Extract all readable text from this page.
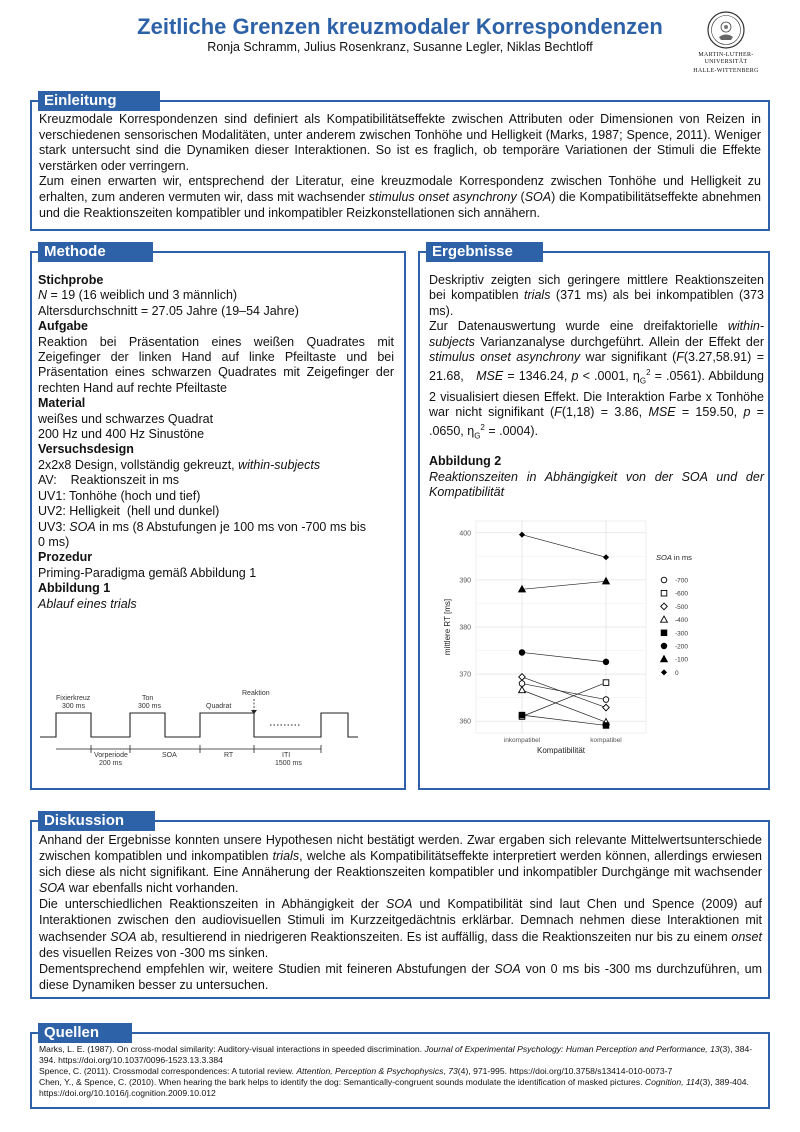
Zeitliche Grenzen kreuzmodaler Korrespondenzen
Ronja Schramm, Julius Rosenkranz, Susanne Legler, Niklas Bechtloff
MARTIN-LUTHER-UNIVERSITÄT
HALLE-WITTENBERG
Einleitung

Kreuzmodale Korrespondenzen sind definiert als Kompatibilitätseffekte zwischen Attributen oder Dimensionen von Reizen in verschiedenen sensorischen Modalitäten, unter anderem zwischen Tonhöhe und Helligkeit (Marks, 1987; Spence, 2011). Weniger stark untersucht sind die Dynamiken dieser Interaktionen. So ist es fraglich, ob temporäre Variationen der Stimuli die Effekte verstärken oder verringern.

Zum einen erwarten wir, entsprechend der Literatur, eine kreuzmodale Korrespondenz zwischen Tonhöhe und Helligkeit zu erhalten, zum anderen vermuten wir, dass mit wachsender stimulus onset asynchrony (SOA) die Kompatibilitätseffekte abnehmen und die Reaktionszeiten kompatibler und inkompatibler Reizkonstellationen sich annähern.

Methode

Stichprobe

N = 19 (16 weiblich und 3 männlich)

Altersdurchschnitt = 27.05 Jahre (19–54 Jahre)

Aufgabe

Reaktion bei Präsentation eines weißen Quadrates mit Zeigefinger der linken Hand auf linke Pfeiltaste und bei Präsentation eines schwarzen Quadrates mit Zeigefinger der rechten Hand auf rechte Pfeiltaste

Material

weißes und schwarzes Quadrat

200 Hz und 400 Hz Sinustöne

Versuchsdesign

2x2x8 Design, vollständig gekreuzt, within-subjects

AV:    Reaktionszeit in ms

UV1: Tonhöhe (hoch und tief)

UV2: Helligkeit  (hell und dunkel)

UV3: SOA in ms (8 Abstufungen je 100 ms von -700 ms bis 0 ms)

Prozedur

Priming-Paradigma gemäß Abbildung 1

Abbildung 1

Ablauf eines trials

Fixierkreuz
300 ms
Ton
300 ms	Quadrat
Reaktion
Vorperiode
200 ms
SOA	RT	ITI
1500 ms
Ergebnisse

Deskriptiv zeigten sich geringere mittlere Reaktionszeiten bei kompatiblen trials (371 ms) als bei inkompatiblen (373 ms).

Zur Datenauswertung wurde eine dreifaktorielle within-subjects Varianzanalyse durchgeführt. Allein der Effekt der stimulus onset asynchrony war signifikant (F(3.27,58.91) = 21.68,   MSE = 1346.24, p < .0001, $\eta_G^2 = .0561$). Abbildung 2 visualisiert diesen Effekt. Die Interaktion Farbe x Tonhöhe war nicht signifikant (F(1,18) = 3.86, MSE = 159.50, p = .0650, $\eta_G^2 = .0004$).

Abbildung 2

Reaktionszeiten in Abhängigkeit von der SOA und der Kompatibilität

360
370
380
390
400
inkompatibel	kompatibel
Kompatibilität
mittlere RT [ms]
SOA in ms
-700
-600
-500
-400
-300
-200
-100
0
Diskussion

Anhand der Ergebnisse konnten unsere Hypothesen nicht bestätigt werden. Zwar ergaben sich relevante Mittelwertsunterschiede zwischen kompatiblen und inkompatiblen trials, welche als Kompatibilitätseffekte interpretiert werden können, allerdings erwiesen sich diese als nicht signifikant. Eine Annäherung der Reaktionszeiten kompatibler und inkompatibler Durchgänge mit wachsender SOA war ebenfalls nicht vorhanden.

Die unterschiedlichen Reaktionszeiten in Abhängigkeit der SOA und Kompatibilität sind laut Chen und Spence (2009) auf Interaktionen zwischen den audiovisuellen Stimuli im Kurzzeitgedächtnis erklärbar. Demnach nehmen diese Interaktionen mit wachsender SOA ab, resultierend in niedrigeren Reaktionszeiten. Es ist auffällig, dass die Reaktionszeiten nur bis zu einem onset des visuellen Reizes von -300 ms sinken.

Dementsprechend empfehlen wir, weitere Studien mit feineren Abstufungen der SOA von 0 ms bis -300 ms durchzuführen, um diese Dynamiken besser zu untersuchen.

Quellen

Marks, L. E. (1987). On cross-modal similarity: Auditory-visual interactions in speeded discrimination. Journal of Experimental Psychology: Human Perception and Performance, 13(3), 384-394. https://doi.org/10.1037/0096-1523.13.3.384

Spence, C. (2011). Crossmodal correspondences: A tutorial review. Attention, Perception & Psychophysics, 73(4), 971-995. https://doi.org/10.3758/s13414-010-0073-7

Chen, Y., & Spence, C. (2010). When hearing the bark helps to identify the dog: Semantically-congruent sounds modulate the identification of masked pictures. Cognition, 114(3), 389-404. https://doi.org/10.1016/j.cognition.2009.10.012
